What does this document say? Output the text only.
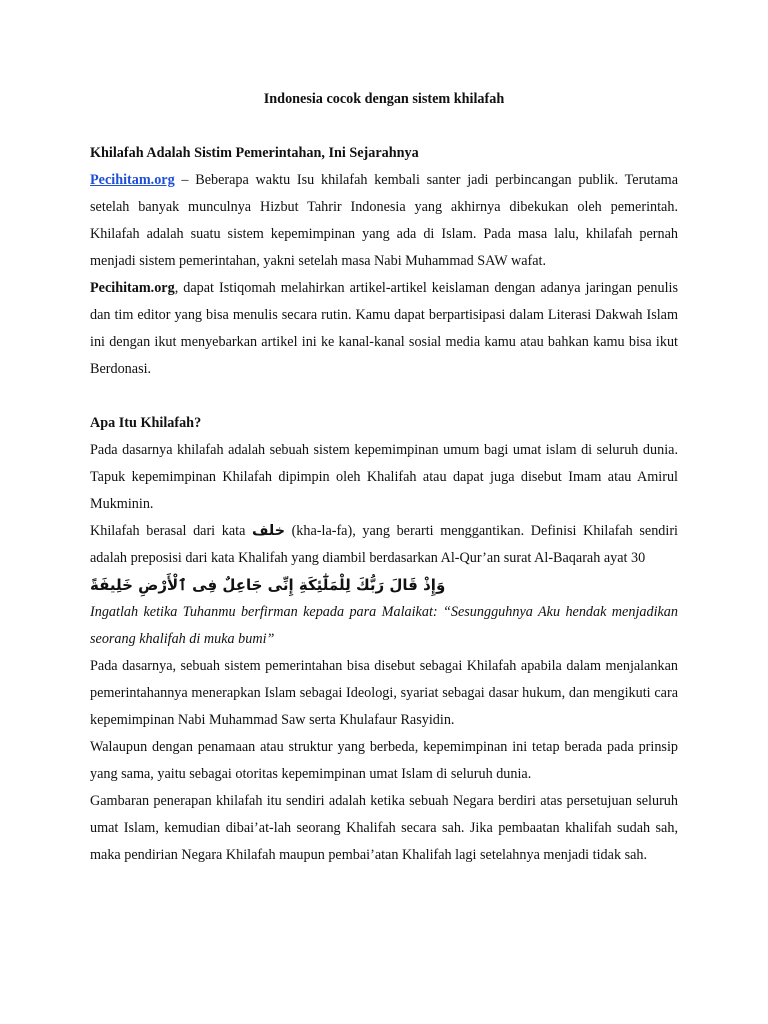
Indonesia cocok dengan sistem khilafah
Khilafah Adalah Sistim Pemerintahan, Ini Sejarahnya

Pecihitam.org – Beberapa waktu Isu khilafah kembali santer jadi perbincangan publik. Terutama setelah banyak munculnya Hizbut Tahrir Indonesia yang akhirnya dibekukan oleh pemerintah. Khilafah adalah suatu sistem kepemimpinan yang ada di Islam. Pada masa lalu, khilafah pernah menjadi sistem pemerintahan, yakni setelah masa Nabi Muhammad SAW wafat.

Pecihitam.org, dapat Istiqomah melahirkan artikel-artikel keislaman dengan adanya jaringan penulis dan tim editor yang bisa menulis secara rutin. Kamu dapat berpartisipasi dalam Literasi Dakwah Islam ini dengan ikut menyebarkan artikel ini ke kanal-kanal sosial media kamu atau bahkan kamu bisa ikut Berdonasi.

Apa Itu Khilafah?

Pada dasarnya khilafah adalah sebuah sistem kepemimpinan umum bagi umat islam di seluruh dunia. Tapuk kepemimpinan Khilafah dipimpin oleh Khalifah atau dapat juga disebut Imam atau Amirul Mukminin.

Khilafah berasal dari kata خلف (kha-la-fa), yang berarti menggantikan. Definisi Khilafah sendiri adalah preposisi dari kata Khalifah yang diambil berdasarkan Al-Qur’an surat Al-Baqarah ayat 30

وَإِذْ قَالَ رَبُّكَ لِلْمَلَٰٓئِكَةِ إِنِّى جَاعِلٌ فِى ٱلْأَرْضِ خَلِيفَةً

Ingatlah ketika Tuhanmu berfirman kepada para Malaikat: “Sesungguhnya Aku hendak menjadikan seorang khalifah di muka bumi”

Pada dasarnya, sebuah sistem pemerintahan bisa disebut sebagai Khilafah apabila dalam menjalankan pemerintahannya menerapkan Islam sebagai Ideologi, syariat sebagai dasar hukum, dan mengikuti cara kepemimpinan Nabi Muhammad Saw serta Khulafaur Rasyidin.

Walaupun dengan penamaan atau struktur yang berbeda, kepemimpinan ini tetap berada pada prinsip yang sama, yaitu sebagai otoritas kepemimpinan umat Islam di seluruh dunia.

Gambaran penerapan khilafah itu sendiri adalah ketika sebuah Negara berdiri atas persetujuan seluruh umat Islam, kemudian dibai’at-lah seorang Khalifah secara sah. Jika pembaatan khalifah sudah sah, maka pendirian Negara Khilafah maupun pembai’atan Khalifah lagi setelahnya menjadi tidak sah.
